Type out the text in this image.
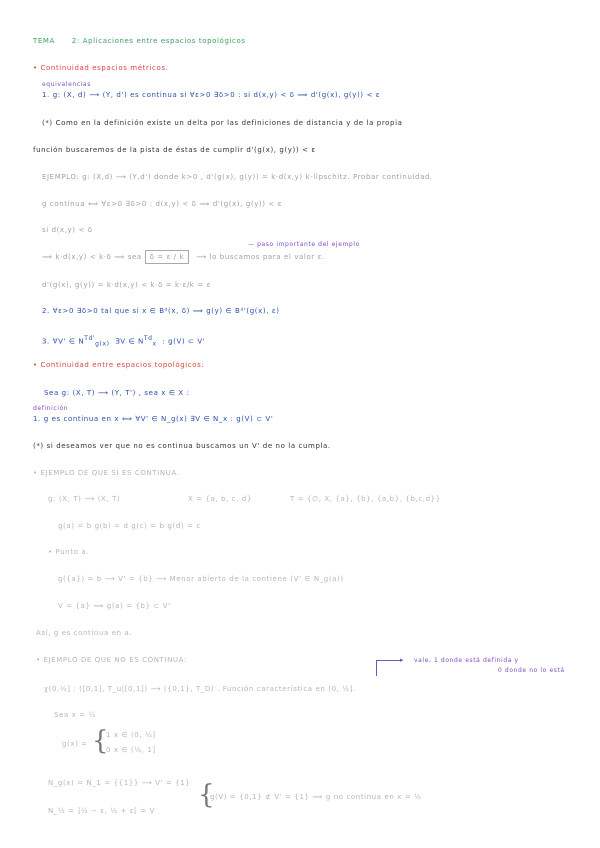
TEMA 2: Aplicaciones entre espacios topológicos
• Continuidad espacios métricos.
equivalencias
1. g: (X, d) ⟶ (Y, d') es continua si ∀ε>0 ∃δ>0 : si d(x,y) < δ ⟹ d'(g(x), g(y)) < ε
(*) Como en la definición existe un delta por las definiciones de distancia y de la propia
función buscaremos de la pista de éstas de cumplir d'(g(x), g(y)) < ε
EJEMPLO: g: (X,d) ⟶ (Y,d') donde k>0 , d'(g(x), g(y)) = k·d(x,y) k-lipschitz. Probar continuidad.
g continua ⟺ ∀ε>0 ∃δ>0 : d(x,y) < δ ⟹ d'(g(x), g(y)) < ε
si d(x,y) < δ
⟹ k·d(x,y) < k·δ ⟹ sea δ = ε / k ⟶ lo buscamos para el valor ε.
— paso importante del ejemplo
d'(g(x), g(y)) = k·d(x,y) < k·δ = k·ε/k = ε
2. ∀ε>0 ∃δ>0 tal que si x ∈ Bᵈ(x, δ) ⟹ g(y) ∈ Bᵈ'(g(x), ε)
3. ∀V' ∈ $N^{Td'}_{g(x)}$ ∃V ∈ $N^{Td}_x$ : g(V) ⊂ V'
• Continuidad entre espacios topológicos:
Sea g: (X, T) ⟶ (Y, T') , sea x ∈ X :
definición
1. g es continua en x ⟺ ∀V' ∈ N_g(x) ∃V ∈ N_x : g(V) ⊂ V'
(*) si deseamos ver que no es continua buscamos un V' de no la cumpla.
• EJEMPLO DE QUE SÍ ES CONTINUA.
g: (X, T) ⟶ (X, T)	X = {a, b, c, d}	T = {∅, X, {a}, {b}, {a,b}, {b,c,d}}
g(a) = b g(b) = d g(c) = b g(d) = c
• Punto a.
g({a}) = b ⟶ V' = {b} ⟶ Menor abierto de la contiene (V' ∈ N_g(a))
V = {a} ⟹ g(a) = {b} ⊂ V'
Así, g es continua en a.
• EJEMPLO DE QUE NO ES CONTINUA:	▸ vale, 1 donde está definida y
0 donde no lo está
χ(0,½] : ([0,1], T_u|[0,1]) ⟶ ({0,1}, T_D) . Función característica en (0, ½].
Sea x = ½
g(x) = {
1 x ∈ (0, ½]
0 x ∈ (½, 1]
N_g(x) = N_1 = {{1}} ⟶ V' = {1}
N_½ = ]½ − ε, ½ + ε[ = V
{
g(V) = {0,1} ⊄ V' = {1} ⟹ g no continua en x = ½
